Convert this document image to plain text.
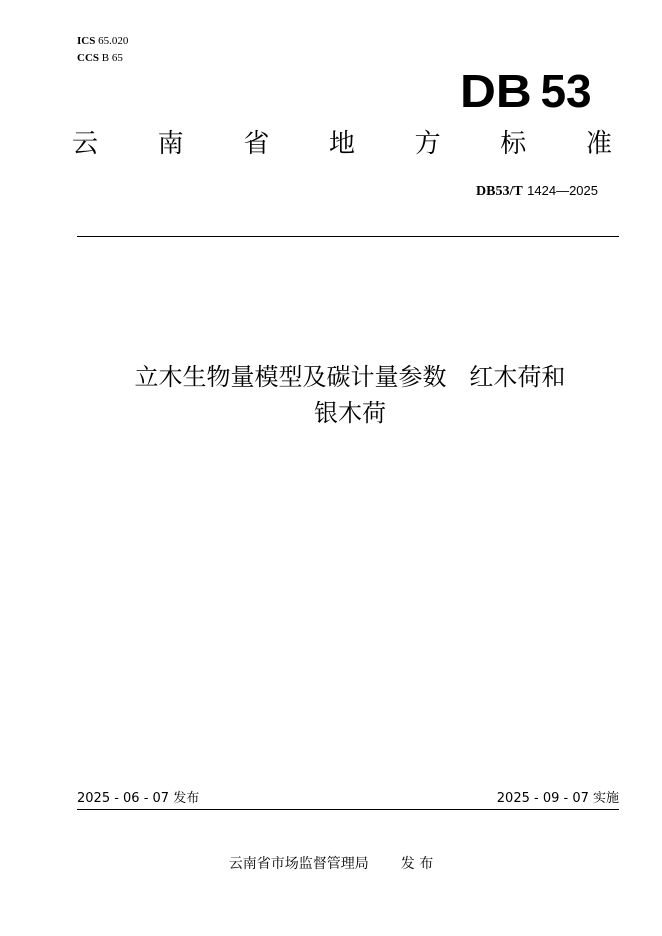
ICS 65.020
CCS B 65
DB 53
云 南 省 地 方 标 准
DB53/T 1424—2025
立木生物量模型及碳计量参数   红木荷和
银木荷
2025 - 06 - 07 发布	2025 - 09 - 07 实施
云南省市场监督管理局 发 布
